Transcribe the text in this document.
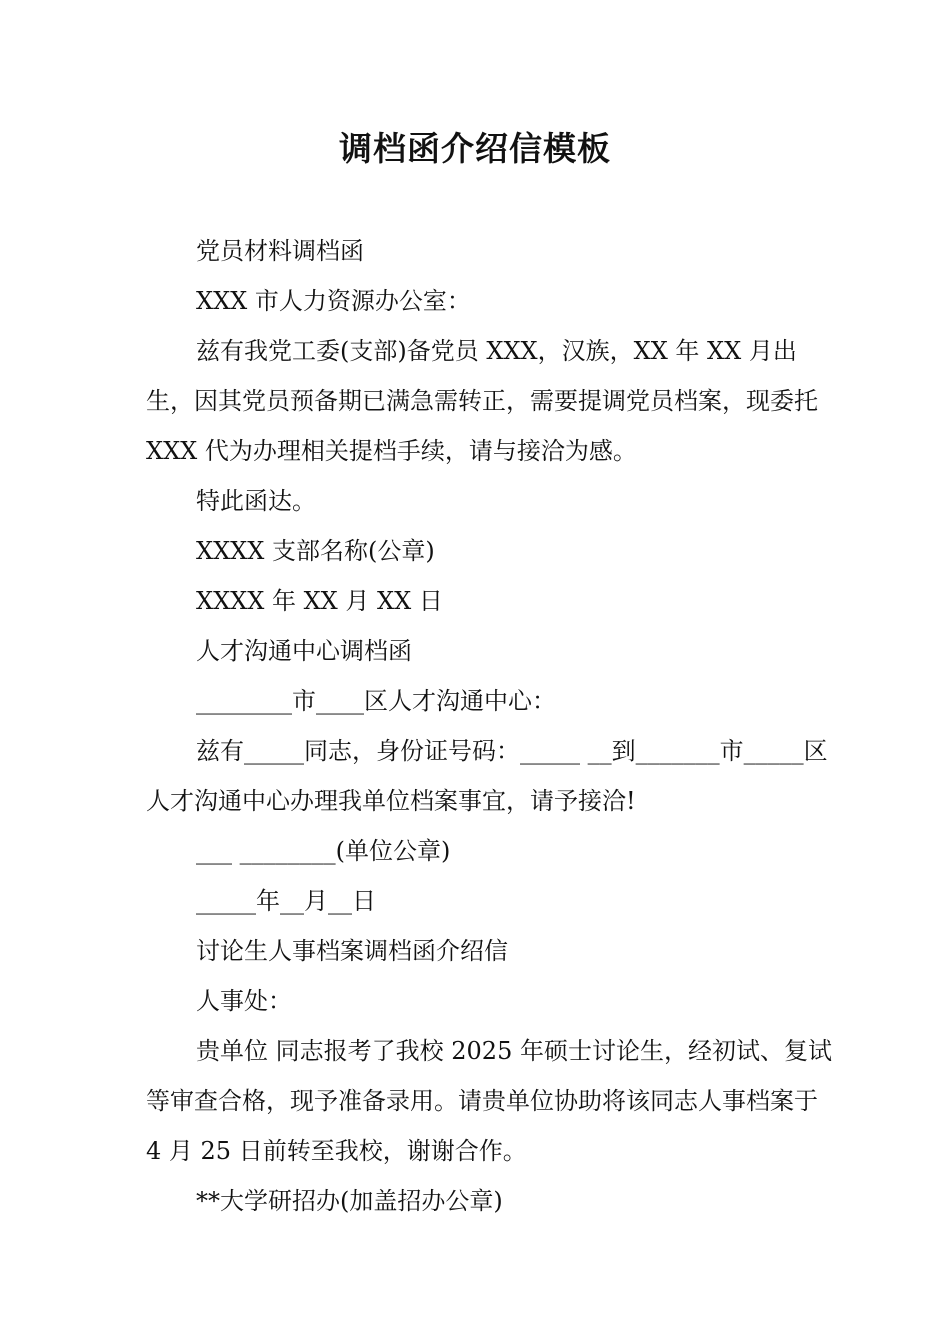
调档函介绍信模板

党员材料调档函

XXX 市人力资源办公室：

兹有我党工委(支部)备党员 XXX，汉族，XX 年 XX 月出生，因其党员预备期已满急需转正，需要提调党员档案，现委托 XXX 代为办理相关提档手续，请与接洽为感。

特此函达。

XXXX 支部名称(公章)

XXXX 年 XX 月 XX 日

人才沟通中心调档函

________市____区人才沟通中心：

兹有_____同志，身份证号码：_____ __到_______市_____区人才沟通中心办理我单位档案事宜，请予接洽!

___ ________(单位公章)

_____年__月__日

讨论生人事档案调档函介绍信

人事处：

贵单位 同志报考了我校 2025 年硕士讨论生，经初试、复试等审查合格，现予准备录用。请贵单位协助将该同志人事档案于 4 月 25 日前转至我校，谢谢合作。

**大学研招办(加盖招办公章)
